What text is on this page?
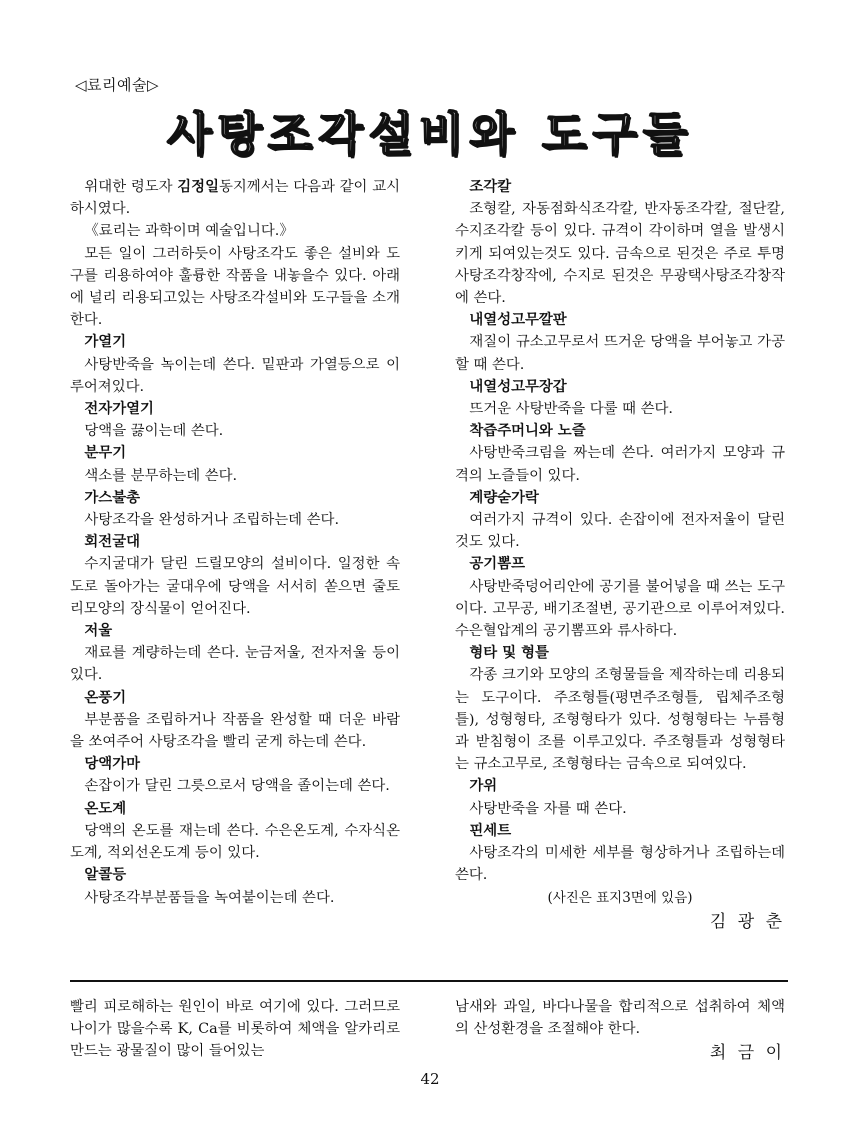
◁료리예술▷
사탕조각설비와 도구들

위대한 령도자 김정일동지께서는 다음과 같이 교시하시였다.

《료리는 과학이며 예술입니다.》

모든 일이 그러하듯이 사탕조각도 좋은 설비와 도구를 리용하여야 훌륭한 작품을 내놓을수 있다. 아래에 널리 리용되고있는 사탕조각설비와 도구들을 소개한다.

가열기

사탕반죽을 녹이는데 쓴다. 밑판과 가열등으로 이루어져있다.

전자가열기

당액을 끓이는데 쓴다.

분무기

색소를 분무하는데 쓴다.

가스불총

사탕조각을 완성하거나 조립하는데 쓴다.

회전굴대

수지굴대가 달린 드릴모양의 설비이다. 일정한 속도로 돌아가는 굴대우에 당액을 서서히 쏟으면 줄토리모양의 장식물이 얻어진다.

저울

재료를 계량하는데 쓴다. 눈금저울, 전자저울 등이 있다.

온풍기

부분품을 조립하거나 작품을 완성할 때 더운 바람을 쏘여주어 사탕조각을 빨리 굳게 하는데 쓴다.

당액가마

손잡이가 달린 그릇으로서 당액을 졸이는데 쓴다.

온도계

당액의 온도를 재는데 쓴다. 수은온도계, 수자식온도계, 적외선온도계 등이 있다.

알콜등

사탕조각부분품들을 녹여붙이는데 쓴다.

조각칼

조형칼, 자동점화식조각칼, 반자동조각칼, 절단칼, 수지조각칼 등이 있다. 규격이 각이하며 열을 발생시키게 되여있는것도 있다. 금속으로 된것은 주로 투명사탕조각창작에, 수지로 된것은 무광택사탕조각창작에 쓴다.

내열성고무깔판

재질이 규소고무로서 뜨거운 당액을 부어놓고 가공할 때 쓴다.

내열성고무장갑

뜨거운 사탕반죽을 다룰 때 쓴다.

착즙주머니와 노즐

사탕반죽크림을 짜는데 쓴다. 여러가지 모양과 규격의 노즐들이 있다.

계량숟가락

여러가지 규격이 있다. 손잡이에 전자저울이 달린것도 있다.

공기뽐프

사탕반죽덩어리안에 공기를 불어넣을 때 쓰는 도구이다. 고무공, 배기조절변, 공기관으로 이루어져있다. 수은혈압계의 공기뽐프와 류사하다.

형타 및 형틀

각종 크기와 모양의 조형물들을 제작하는데 리용되는 도구이다. 주조형틀(평면주조형틀, 립체주조형틀), 성형형타, 조형형타가 있다. 성형형타는 누름형과 받침형이 조를 이루고있다. 주조형틀과 성형형타는 규소고무로, 조형형타는 금속으로 되여있다.

가위

사탕반죽을 자를 때 쓴다.

핀세트

사탕조각의 미세한 세부를 형상하거나 조립하는데 쓴다.

(사진은 표지3면에 있음)

김 광 춘

빨리 피로해하는 원인이 바로 여기에 있다. 그러므로 나이가 많을수록 K, Ca를 비롯하여 체액을 알카리로 만드는 광물질이 많이 들어있는

남새와 과일, 바다나물을 합리적으로 섭취하여 체액의 산성환경을 조절해야 한다.

최 금 이

42
